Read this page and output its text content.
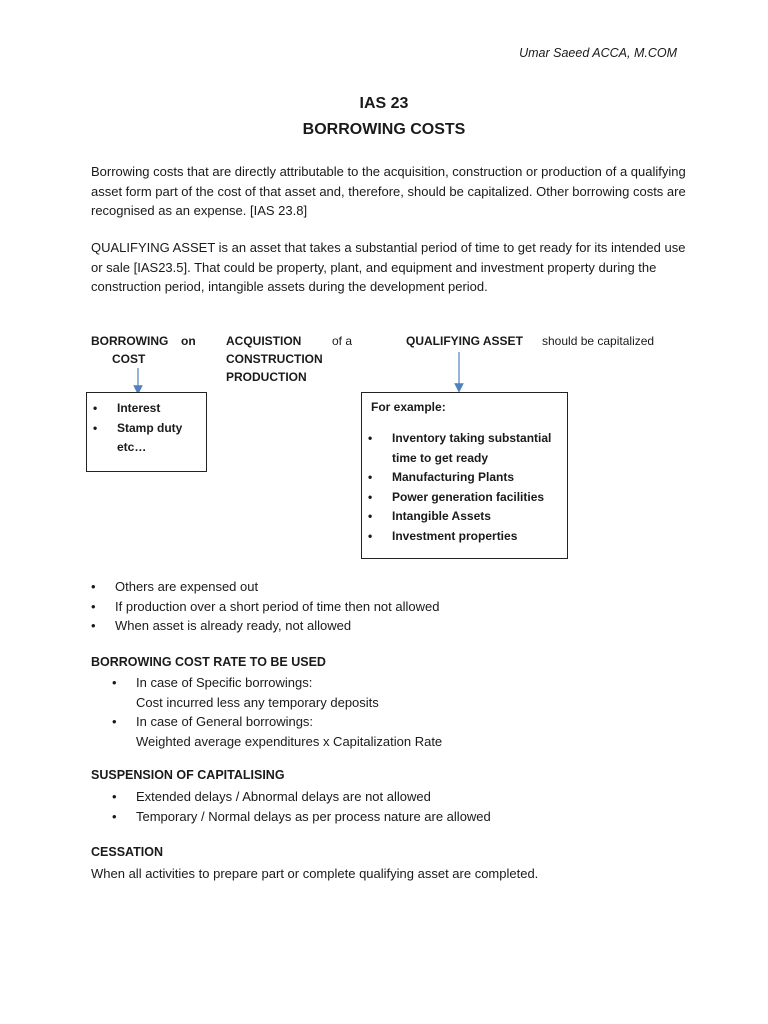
Umar Saeed ACCA, M.COM
IAS 23
BORROWING COSTS
Borrowing costs that are directly attributable to the acquisition, construction or production of a qualifying asset form part of the cost of that asset and, therefore, should be capitalized. Other borrowing costs are recognised as an expense. [IAS 23.8]
QUALIFYING ASSET is an asset that takes a substantial period of time to get ready for its intended use or sale [IAS23.5]. That could be property, plant, and equipment and investment property during the construction period, intangible assets during the development period.
BORROWING
COST
on	ACQUISTION
CONSTRUCTION
PRODUCTION
of a	QUALIFYING ASSET should be capitalized
• Interest
• Stamp duty
etc…
For example:
• Inventory taking substantial time to get ready
• Manufacturing Plants
• Power generation facilities
• Intangible Assets
• Investment properties
• Others are expensed out
• If production over a short period of time then not allowed
• When asset is already ready, not allowed
BORROWING COST RATE TO BE USED
• In case of Specific borrowings:
Cost incurred less any temporary deposits
• In case of General borrowings:
Weighted average expenditures x Capitalization Rate
SUSPENSION OF CAPITALISING
• Extended delays / Abnormal delays are not allowed
• Temporary / Normal delays as per process nature are allowed
CESSATION
When all activities to prepare part or complete qualifying asset are completed.
